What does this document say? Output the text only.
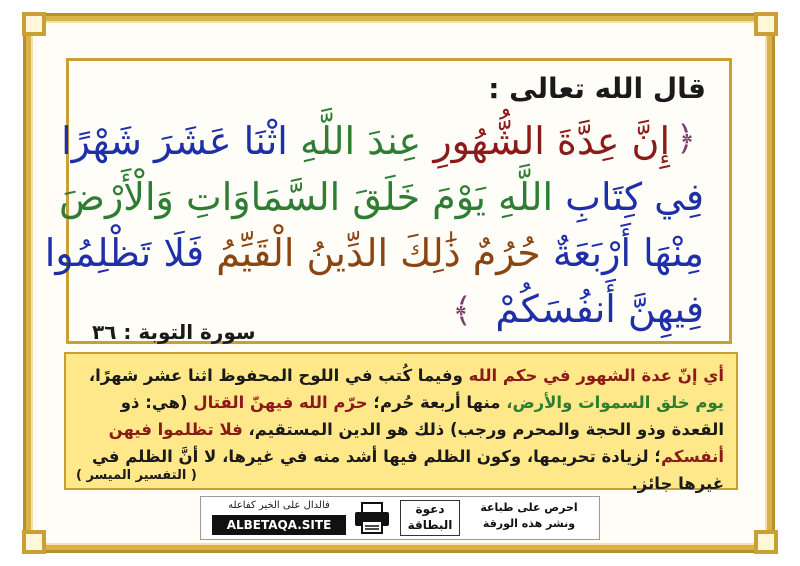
قال الله تعالى :
﴿
إِنَّ عِدَّةَ الشُّهُورِ عِندَ اللَّهِ اثْنَا عَشَرَ شَهْرًا
فِي كِتَابِ اللَّهِ يَوْمَ خَلَقَ السَّمَاوَاتِ وَالْأَرْضَ
مِنْهَا أَرْبَعَةٌ حُرُمٌ ذَٰلِكَ الدِّينُ الْقَيِّمُ فَلَا تَظْلِمُوا
فِيهِنَّ أَنفُسَكُمْ
﴾
سورة التوبة : ٣٦
أي إنّ عدة الشهور في حكم الله وفيما كُتب في اللوح المحفوظ اثنا عشر شهرًا، يوم خلق السموات والأرض، منها أربعة حُرم؛ حرّم الله فيهنّ القتال (هي: ذو القعدة وذو الحجة والمحرم ورجب) ذلك هو الدين المستقيم، فلا تظلموا فيهن أنفسكم؛ لزيادة تحريمها، وكون الظلم فيها أشد منه في غيرها، لا أنَّ الظلم في غيرها جائز.
( التفسير الميسر )
فالدال على الخير كفاعله
ALBETAQA.SITE
دعوة
البطاقة
احرص على طباعة
ونشر هذه الورقة
